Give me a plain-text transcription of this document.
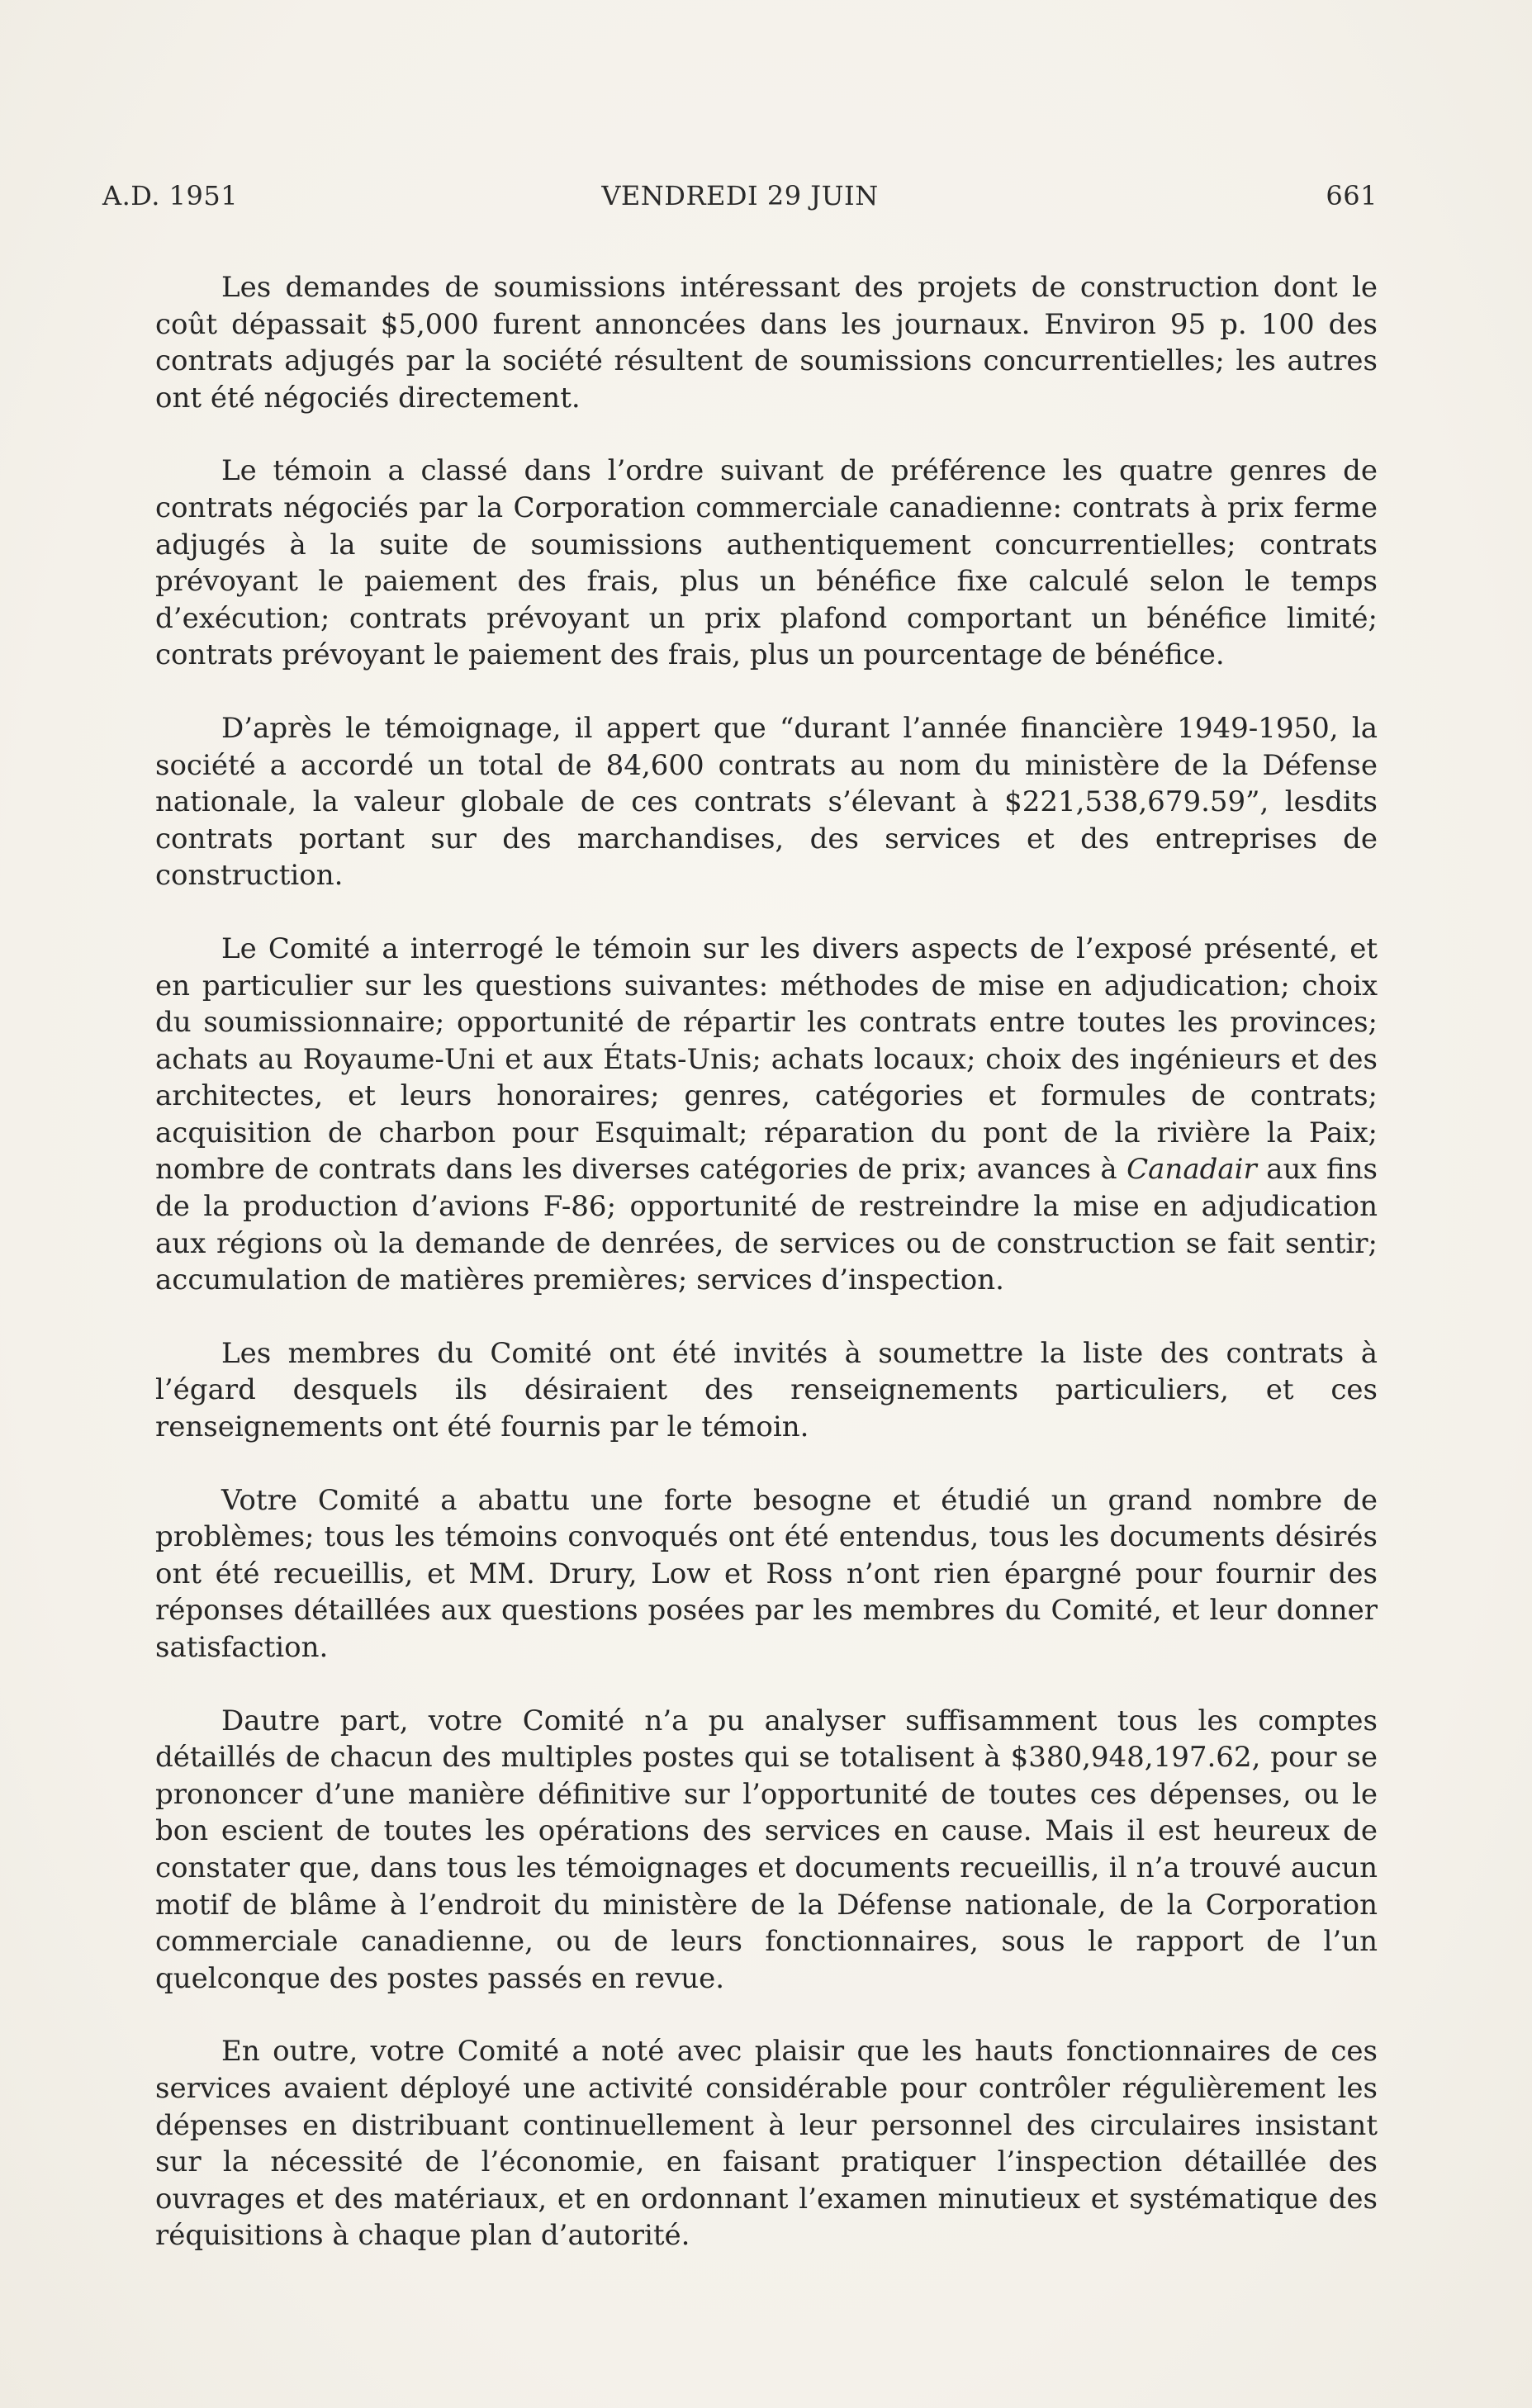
A.D. 1951	VENDREDI 29 JUIN	661

Les demandes de soumissions intéressant des projets de construction dont le coût dépassait $5,000 furent annoncées dans les journaux. Environ 95 p. 100 des contrats adjugés par la société résultent de soumissions concurrentielles; les autres ont été négociés directement.

Le témoin a classé dans l’ordre suivant de préférence les quatre genres de contrats négociés par la Corporation commerciale canadienne: contrats à prix ferme adjugés à la suite de soumissions authentiquement concurrentielles; contrats prévoyant le paiement des frais, plus un bénéfice fixe calculé selon le temps d’exécution; contrats prévoyant un prix plafond comportant un bénéfice limité; contrats prévoyant le paiement des frais, plus un pourcentage de bénéfice.

D’après le témoignage, il appert que “durant l’année financière 1949-1950, la société a accordé un total de 84,600 contrats au nom du ministère de la Défense nationale, la valeur globale de ces contrats s’élevant à $221,538,679.59”, lesdits contrats portant sur des marchandises, des services et des entreprises de construction.

Le Comité a interrogé le témoin sur les divers aspects de l’exposé présenté, et en particulier sur les questions suivantes: méthodes de mise en adjudication; choix du soumissionnaire; opportunité de répartir les contrats entre toutes les provinces; achats au Royaume-Uni et aux États-Unis; achats locaux; choix des ingénieurs et des architectes, et leurs honoraires; genres, catégories et formules de contrats; acquisition de charbon pour Esquimalt; réparation du pont de la rivière la Paix; nombre de contrats dans les diverses catégories de prix; avances à Canadair aux fins de la production d’avions F-86; opportunité de restreindre la mise en adjudication aux régions où la demande de denrées, de services ou de construction se fait sentir; accumulation de matières premières; services d’inspection.

Les membres du Comité ont été invités à soumettre la liste des contrats à l’égard desquels ils désiraient des renseignements particuliers, et ces renseignements ont été fournis par le témoin.

Votre Comité a abattu une forte besogne et étudié un grand nombre de problèmes; tous les témoins convoqués ont été entendus, tous les documents désirés ont été recueillis, et MM. Drury, Low et Ross n’ont rien épargné pour fournir des réponses détaillées aux questions posées par les membres du Comité, et leur donner satisfaction.

Dautre part, votre Comité n’a pu analyser suffisamment tous les comptes détaillés de chacun des multiples postes qui se totalisent à $380,948,197.62, pour se prononcer d’une manière définitive sur l’opportunité de toutes ces dépenses, ou le bon escient de toutes les opérations des services en cause. Mais il est heureux de constater que, dans tous les témoignages et documents recueillis, il n’a trouvé aucun motif de blâme à l’endroit du ministère de la Défense nationale, de la Corporation commerciale canadienne, ou de leurs fonctionnaires, sous le rapport de l’un quelconque des postes passés en revue.

En outre, votre Comité a noté avec plaisir que les hauts fonctionnaires de ces services avaient déployé une activité considérable pour contrôler régulièrement les dépenses en distribuant continuellement à leur personnel des circulaires insistant sur la nécessité de l’économie, en faisant pratiquer l’inspection détaillée des ouvrages et des matériaux, et en ordonnant l’examen minutieux et systématique des réquisitions à chaque plan d’autorité.
